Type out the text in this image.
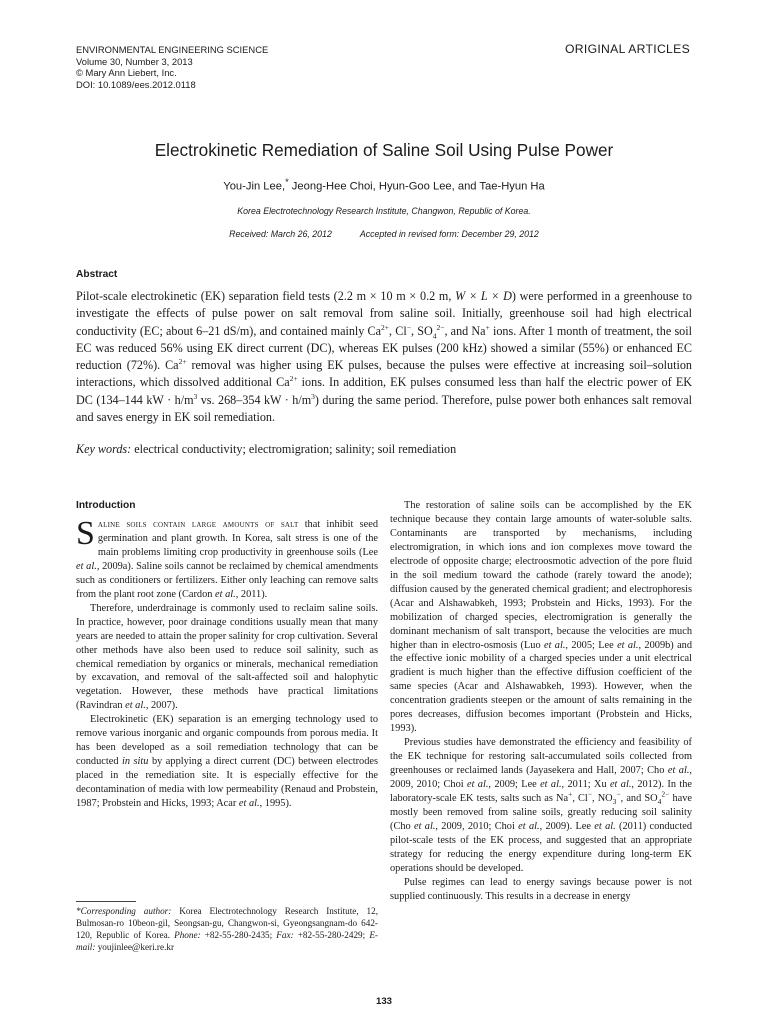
ENVIRONMENTAL ENGINEERING SCIENCE
Volume 30, Number 3, 2013
© Mary Ann Liebert, Inc.
DOI: 10.1089/ees.2012.0118
ORIGINAL ARTICLES
Electrokinetic Remediation of Saline Soil Using Pulse Power
You-Jin Lee,* Jeong-Hee Choi, Hyun-Goo Lee, and Tae-Hyun Ha
Korea Electrotechnology Research Institute, Changwon, Republic of Korea.
Received: March 26, 2012	Accepted in revised form: December 29, 2012
Abstract
Pilot-scale electrokinetic (EK) separation field tests (2.2 m × 10 m × 0.2 m, W × L × D) were performed in a greenhouse to investigate the effects of pulse power on salt removal from saline soil. Initially, greenhouse soil had high electrical conductivity (EC; about 6–21 dS/m), and contained mainly $Ca^{2+}$, Cl−, $SO_4^{2-}$, and Na+ ions. After 1 month of treatment, the soil EC was reduced 56% using EK direct current (DC), whereas EK pulses (200 kHz) showed a similar (55%) or enhanced EC reduction (72%). $Ca^{2+}$ removal was higher using EK pulses, because the pulses were effective at increasing soil–solution interactions, which dissolved additional $Ca^{2+}$ ions. In addition, EK pulses consumed less than half the electric power of EK DC (134–144 kW · $h/m^3$ vs. 268–354 kW · $h/m^3$) during the same period. Therefore, pulse power both enhances salt removal and saves energy in EK soil remediation.
Key words: electrical conductivity; electromigration; salinity; soil remediation
Introduction

Saline soils contain large amounts of salt that inhibit seed germination and plant growth. In Korea, salt stress is one of the main problems limiting crop productivity in greenhouse soils (Lee et al., 2009a). Saline soils cannot be reclaimed by chemical amendments such as conditioners or fertilizers. Either only leaching can remove salts from the plant root zone (Cardon et al., 2011).

Therefore, underdrainage is commonly used to reclaim saline soils. In practice, however, poor drainage conditions usually mean that many years are needed to attain the proper salinity for crop cultivation. Several other methods have also been used to reduce soil salinity, such as chemical remediation by organics or minerals, mechanical remediation by excavation, and removal of the salt-affected soil and halophytic vegetation. However, these methods have practical limitations (Ravindran et al., 2007).

Electrokinetic (EK) separation is an emerging technology used to remove various inorganic and organic compounds from porous media. It has been developed as a soil remediation technology that can be conducted in situ by applying a direct current (DC) between electrodes placed in the remediation site. It is especially effective for the decontamination of media with low permeability (Renaud and Probstein, 1987; Probstein and Hicks, 1993; Acar et al., 1995).

The restoration of saline soils can be accomplished by the EK technique because they contain large amounts of water-soluble salts. Contaminants are transported by mechanisms, including electromigration, in which ions and ion complexes move toward the electrode of opposite charge; electroosmotic advection of the pore fluid in the soil medium toward the cathode (rarely toward the anode); diffusion caused by the generated chemical gradient; and electrophoresis (Acar and Alshawabkeh, 1993; Probstein and Hicks, 1993). For the mobilization of charged species, electromigration is generally the dominant mechanism of salt transport, because the velocities are much higher than in electro-osmosis (Luo et al., 2005; Lee et al., 2009b) and the effective ionic mobility of a charged species under a unit electrical gradient is much higher than the effective diffusion coefficient of the same species (Acar and Alshawabkeh, 1993). However, when the concentration gradients steepen or the amount of salts remaining in the pores decreases, diffusion becomes important (Probstein and Hicks, 1993).

Previous studies have demonstrated the efficiency and feasibility of the EK technique for restoring salt-accumulated soils collected from greenhouses or reclaimed lands (Jayasekera and Hall, 2007; Cho et al., 2009, 2010; Choi et al., 2009; Lee et al., 2011; Xu et al., 2012). In the laboratory-scale EK tests, salts such as Na+, Cl−, $NO_3^-$, and $SO_4^{2-}$ have mostly been removed from saline soils, greatly reducing soil salinity (Cho et al., 2009, 2010; Choi et al., 2009). Lee et al. (2011) conducted pilot-scale tests of the EK process, and suggested that an appropriate strategy for reducing the energy expenditure during long-term EK operations should be developed.

Pulse regimes can lead to energy savings because power is not supplied continuously. This results in a decrease in energy

*Corresponding author: Korea Electrotechnology Research Institute, 12, Bulmosan-ro 10beon-gil, Seongsan-gu, Changwon-si, Gyeongsangnam-do 642-120, Republic of Korea. Phone: +82-55-280-2435; Fax: +82-55-280-2429; E-mail: youjinlee@keri.re.kr
133
